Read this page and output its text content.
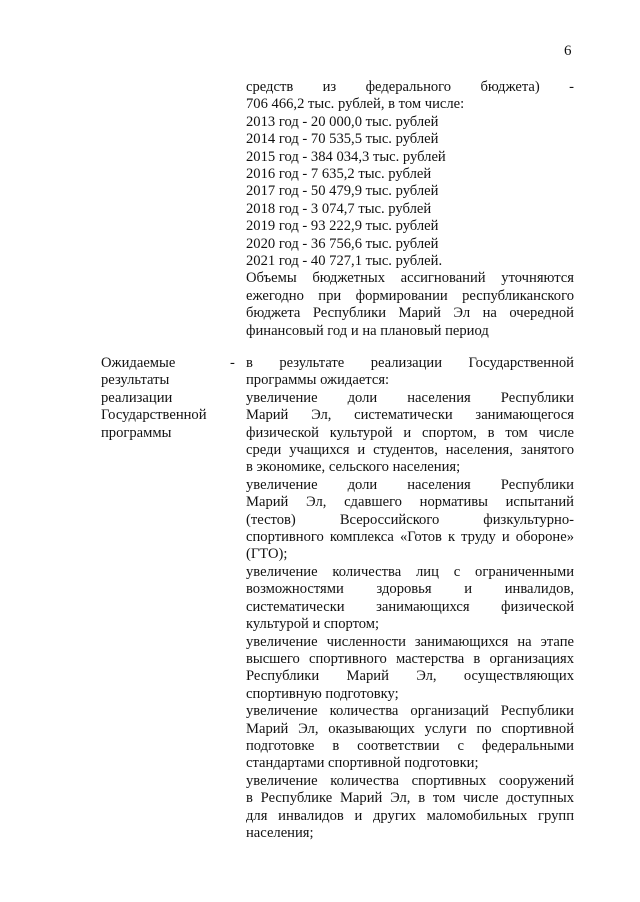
6
средств из федерального бюджета) -
706 466,2 тыс. рублей, в том числе:
2013 год - 20 000,0 тыс. рублей
2014 год - 70 535,5 тыс. рублей
2015 год - 384 034,3 тыс. рублей
2016 год - 7 635,2 тыс. рублей
2017 год - 50 479,9 тыс. рублей
2018 год - 3 074,7 тыс. рублей
2019 год - 93 222,9 тыс. рублей
2020 год - 36 756,6 тыс. рублей
2021 год - 40 727,1 тыс. рублей.
Объемы бюджетных ассигнований уточняются
ежегодно при формировании республиканского
бюджета Республики Марий Эл на очередной
финансовый год и на плановый период
Ожидаемые
результаты
реализации
Государственной
программы
- в результате реализации Государственной
программы ожидается:
увеличение доли населения Республики
Марий Эл, систематически занимающегося
физической культурой и спортом, в том числе
среди учащихся и студентов, населения, занятого
в экономике, сельского населения;
увеличение доли населения Республики
Марий Эл, сдавшего нормативы испытаний
(тестов) Всероссийского физкультурно-
спортивного комплекса «Готов к труду и обороне»
(ГТО);
увеличение количества лиц с ограниченными
возможностями здоровья и инвалидов,
систематически занимающихся физической
культурой и спортом;
увеличение численности занимающихся на этапе
высшего спортивного мастерства в организациях
Республики Марий Эл, осуществляющих
спортивную подготовку;
увеличение количества организаций Республики
Марий Эл, оказывающих услуги по спортивной
подготовке в соответствии с федеральными
стандартами спортивной подготовки;
увеличение количества спортивных сооружений
в Республике Марий Эл, в том числе доступных
для инвалидов и других маломобильных групп
населения;
